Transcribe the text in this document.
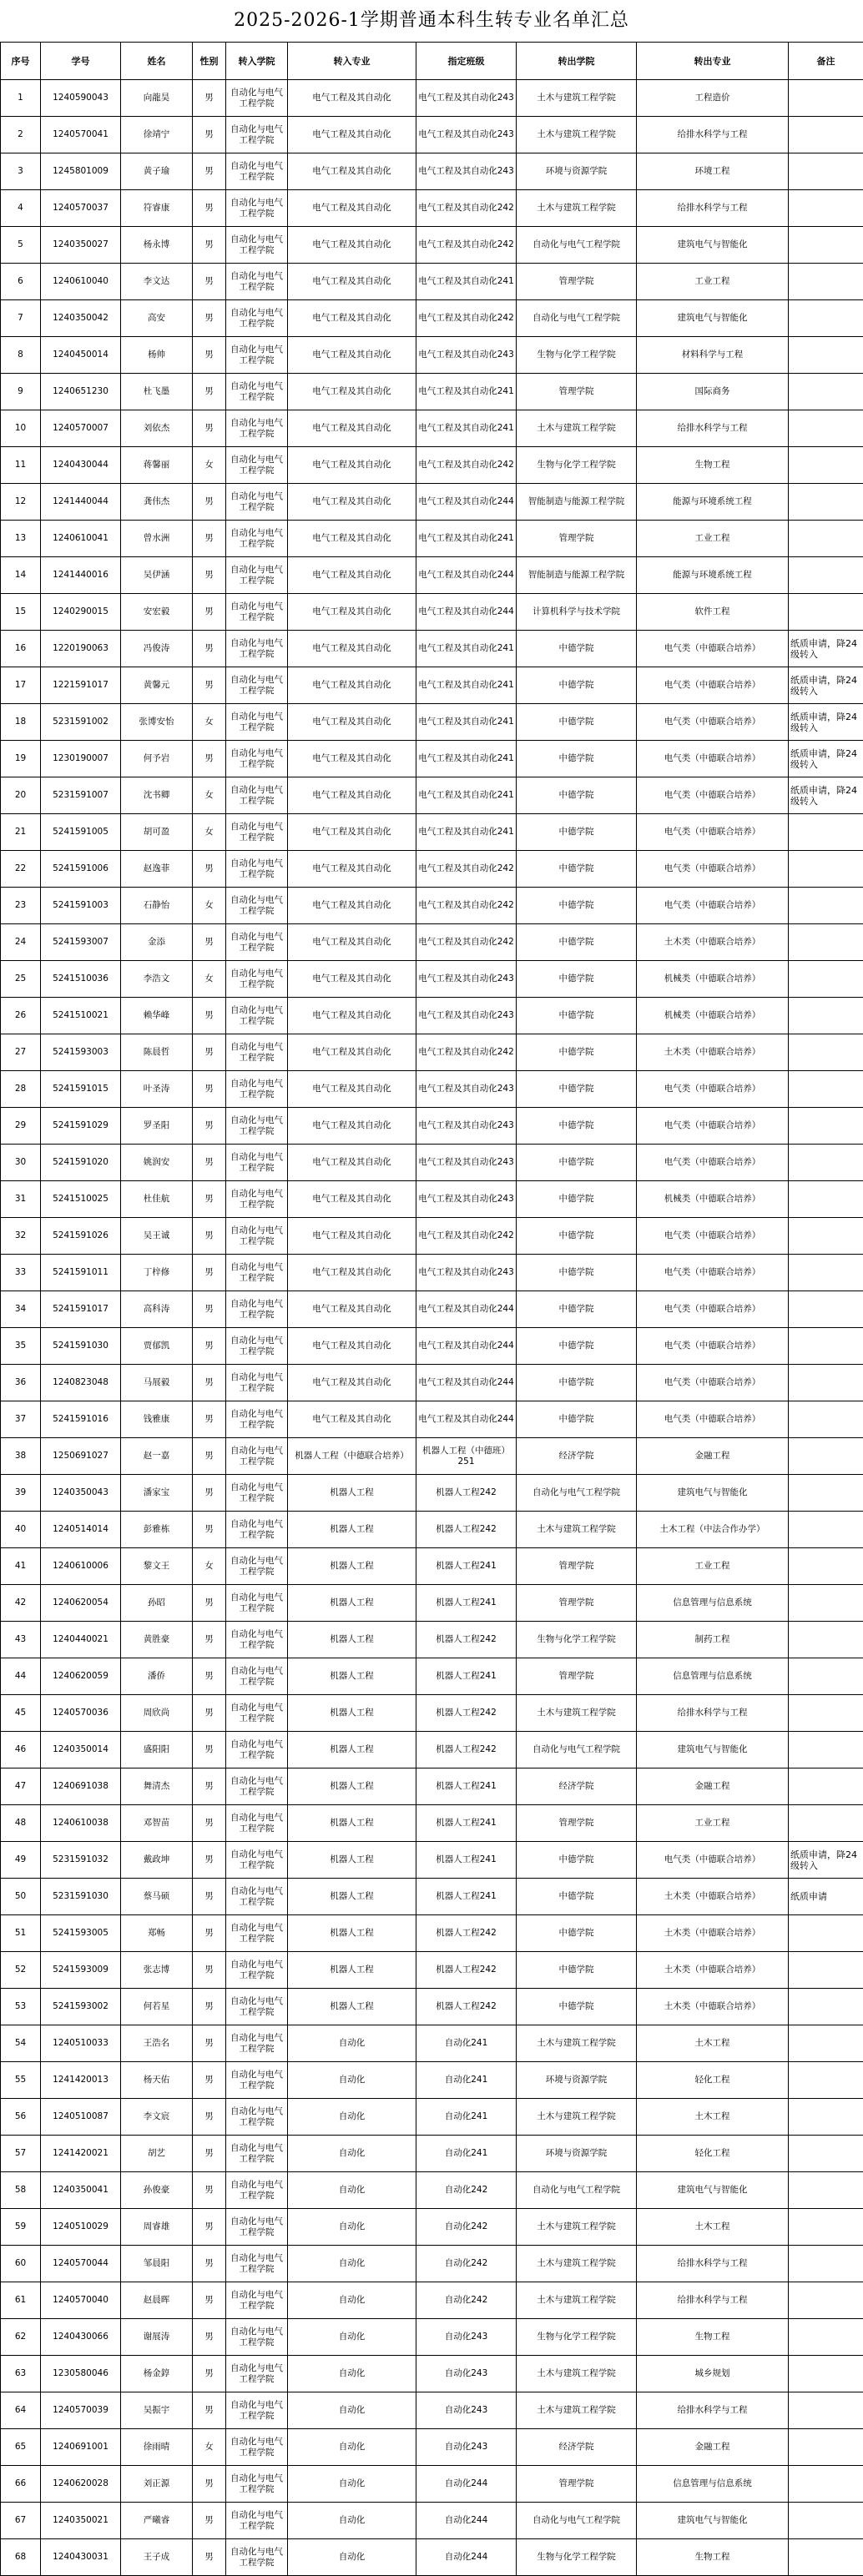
2025-2026-1学期普通本科生转专业名单汇总
序号	学号	姓名	性别	转入学院	转入专业	指定班级	转出学院	转出专业	备注
1	1240590043	向龍昊	男	自动化与电气工程学院	电气工程及其自动化	电气工程及其自动化243	土木与建筑工程学院	工程造价	
2	1240570041	徐靖宁	男	自动化与电气工程学院	电气工程及其自动化	电气工程及其自动化243	土木与建筑工程学院	给排水科学与工程	
3	1245801009	黄子瑜	男	自动化与电气工程学院	电气工程及其自动化	电气工程及其自动化243	环境与资源学院	环境工程	
4	1240570037	符睿康	男	自动化与电气工程学院	电气工程及其自动化	电气工程及其自动化242	土木与建筑工程学院	给排水科学与工程	
5	1240350027	杨永博	男	自动化与电气工程学院	电气工程及其自动化	电气工程及其自动化242	自动化与电气工程学院	建筑电气与智能化	
6	1240610040	李文达	男	自动化与电气工程学院	电气工程及其自动化	电气工程及其自动化241	管理学院	工业工程	
7	1240350042	高安	男	自动化与电气工程学院	电气工程及其自动化	电气工程及其自动化242	自动化与电气工程学院	建筑电气与智能化	
8	1240450014	杨帅	男	自动化与电气工程学院	电气工程及其自动化	电气工程及其自动化243	生物与化学工程学院	材料科学与工程	
9	1240651230	杜飞墨	男	自动化与电气工程学院	电气工程及其自动化	电气工程及其自动化241	管理学院	国际商务	
10	1240570007	刘依杰	男	自动化与电气工程学院	电气工程及其自动化	电气工程及其自动化241	土木与建筑工程学院	给排水科学与工程	
11	1240430044	蒋馨丽	女	自动化与电气工程学院	电气工程及其自动化	电气工程及其自动化242	生物与化学工程学院	生物工程	
12	1241440044	龚伟杰	男	自动化与电气工程学院	电气工程及其自动化	电气工程及其自动化244	智能制造与能源工程学院	能源与环境系统工程	
13	1240610041	曾水洲	男	自动化与电气工程学院	电气工程及其自动化	电气工程及其自动化241	管理学院	工业工程	
14	1241440016	吴伊涵	男	自动化与电气工程学院	电气工程及其自动化	电气工程及其自动化244	智能制造与能源工程学院	能源与环境系统工程	
15	1240290015	安宏毅	男	自动化与电气工程学院	电气工程及其自动化	电气工程及其自动化244	计算机科学与技术学院	软件工程	
16	1220190063	冯俊涛	男	自动化与电气工程学院	电气工程及其自动化	电气工程及其自动化241	中德学院	电气类（中德联合培养）	纸质申请，降24级转入
17	1221591017	黄馨元	男	自动化与电气工程学院	电气工程及其自动化	电气工程及其自动化241	中德学院	电气类（中德联合培养）	纸质申请，降24级转入
18	5231591002	张博安怡	女	自动化与电气工程学院	电气工程及其自动化	电气工程及其自动化241	中德学院	电气类（中德联合培养）	纸质申请，降24级转入
19	1230190007	何予岩	男	自动化与电气工程学院	电气工程及其自动化	电气工程及其自动化241	中德学院	电气类（中德联合培养）	纸质申请，降24级转入
20	5231591007	沈书卿	女	自动化与电气工程学院	电气工程及其自动化	电气工程及其自动化241	中德学院	电气类（中德联合培养）	纸质申请，降24级转入
21	5241591005	胡可盈	女	自动化与电气工程学院	电气工程及其自动化	电气工程及其自动化241	中德学院	电气类（中德联合培养）	
22	5241591006	赵逸菲	男	自动化与电气工程学院	电气工程及其自动化	电气工程及其自动化242	中德学院	电气类（中德联合培养）	
23	5241591003	石静怡	女	自动化与电气工程学院	电气工程及其自动化	电气工程及其自动化242	中德学院	电气类（中德联合培养）	
24	5241593007	金添	男	自动化与电气工程学院	电气工程及其自动化	电气工程及其自动化242	中德学院	土木类（中德联合培养）	
25	5241510036	李浩文	女	自动化与电气工程学院	电气工程及其自动化	电气工程及其自动化243	中德学院	机械类（中德联合培养）	
26	5241510021	赖华峰	男	自动化与电气工程学院	电气工程及其自动化	电气工程及其自动化243	中德学院	机械类（中德联合培养）	
27	5241593003	陈晨哲	男	自动化与电气工程学院	电气工程及其自动化	电气工程及其自动化242	中德学院	土木类（中德联合培养）	
28	5241591015	叶圣涛	男	自动化与电气工程学院	电气工程及其自动化	电气工程及其自动化243	中德学院	电气类（中德联合培养）	
29	5241591029	罗圣阳	男	自动化与电气工程学院	电气工程及其自动化	电气工程及其自动化243	中德学院	电气类（中德联合培养）	
30	5241591020	姚润安	男	自动化与电气工程学院	电气工程及其自动化	电气工程及其自动化243	中德学院	电气类（中德联合培养）	
31	5241510025	杜佳航	男	自动化与电气工程学院	电气工程及其自动化	电气工程及其自动化243	中德学院	机械类（中德联合培养）	
32	5241591026	吴王诚	男	自动化与电气工程学院	电气工程及其自动化	电气工程及其自动化242	中德学院	电气类（中德联合培养）	
33	5241591011	丁梓修	男	自动化与电气工程学院	电气工程及其自动化	电气工程及其自动化243	中德学院	电气类（中德联合培养）	
34	5241591017	高科涛	男	自动化与电气工程学院	电气工程及其自动化	电气工程及其自动化244	中德学院	电气类（中德联合培养）	
35	5241591030	贾郁凯	男	自动化与电气工程学院	电气工程及其自动化	电气工程及其自动化244	中德学院	电气类（中德联合培养）	
36	1240823048	马展毅	男	自动化与电气工程学院	电气工程及其自动化	电气工程及其自动化244	中德学院	电气类（中德联合培养）	
37	5241591016	钱雅康	男	自动化与电气工程学院	电气工程及其自动化	电气工程及其自动化244	中德学院	电气类（中德联合培养）	
38	1250691027	赵一嘉	男	自动化与电气工程学院	机器人工程（中德联合培养）	机器人工程（中德班）251	经济学院	金融工程	
39	1240350043	潘家宝	男	自动化与电气工程学院	机器人工程	机器人工程242	自动化与电气工程学院	建筑电气与智能化	
40	1240514014	彭雅栋	男	自动化与电气工程学院	机器人工程	机器人工程242	土木与建筑工程学院	土木工程（中法合作办学）	
41	1240610006	黎文王	女	自动化与电气工程学院	机器人工程	机器人工程241	管理学院	工业工程	
42	1240620054	孙昭	男	自动化与电气工程学院	机器人工程	机器人工程241	管理学院	信息管理与信息系统	
43	1240440021	黄胜豪	男	自动化与电气工程学院	机器人工程	机器人工程242	生物与化学工程学院	制药工程	
44	1240620059	潘侨	男	自动化与电气工程学院	机器人工程	机器人工程241	管理学院	信息管理与信息系统	
45	1240570036	周欣尚	男	自动化与电气工程学院	机器人工程	机器人工程242	土木与建筑工程学院	给排水科学与工程	
46	1240350014	盛阳阳	男	自动化与电气工程学院	机器人工程	机器人工程242	自动化与电气工程学院	建筑电气与智能化	
47	1240691038	舞清杰	男	自动化与电气工程学院	机器人工程	机器人工程241	经济学院	金融工程	
48	1240610038	邓智苗	男	自动化与电气工程学院	机器人工程	机器人工程241	管理学院	工业工程	
49	5231591032	戴政坤	男	自动化与电气工程学院	机器人工程	机器人工程241	中德学院	电气类（中德联合培养）	纸质申请，降24级转入
50	5231591030	蔡马硕	男	自动化与电气工程学院	机器人工程	机器人工程241	中德学院	土木类（中德联合培养）	纸质申请
51	5241593005	郑畅	男	自动化与电气工程学院	机器人工程	机器人工程242	中德学院	土木类（中德联合培养）	
52	5241593009	张志博	男	自动化与电气工程学院	机器人工程	机器人工程242	中德学院	土木类（中德联合培养）	
53	5241593002	何若星	男	自动化与电气工程学院	机器人工程	机器人工程242	中德学院	土木类（中德联合培养）	
54	1240510033	王浩名	男	自动化与电气工程学院	自动化	自动化241	土木与建筑工程学院	土木工程	
55	1241420013	杨天佑	男	自动化与电气工程学院	自动化	自动化241	环境与资源学院	轻化工程	
56	1240510087	李文宸	男	自动化与电气工程学院	自动化	自动化241	土木与建筑工程学院	土木工程	
57	1241420021	胡艺	男	自动化与电气工程学院	自动化	自动化241	环境与资源学院	轻化工程	
58	1240350041	孙俊豪	男	自动化与电气工程学院	自动化	自动化242	自动化与电气工程学院	建筑电气与智能化	
59	1240510029	周睿雄	男	自动化与电气工程学院	自动化	自动化242	土木与建筑工程学院	土木工程	
60	1240570044	邹晨阳	男	自动化与电气工程学院	自动化	自动化242	土木与建筑工程学院	给排水科学与工程	
61	1240570040	赵晨晖	男	自动化与电气工程学院	自动化	自动化242	土木与建筑工程学院	给排水科学与工程	
62	1240430066	谢展涛	男	自动化与电气工程学院	自动化	自动化243	生物与化学工程学院	生物工程	
63	1230580046	杨金錞	男	自动化与电气工程学院	自动化	自动化243	土木与建筑工程学院	城乡规划	
64	1240570039	吴振宇	男	自动化与电气工程学院	自动化	自动化243	土木与建筑工程学院	给排水科学与工程	
65	1240691001	徐雨晴	女	自动化与电气工程学院	自动化	自动化243	经济学院	金融工程	
66	1240620028	刘正源	男	自动化与电气工程学院	自动化	自动化244	管理学院	信息管理与信息系统	
67	1240350021	严曦睿	男	自动化与电气工程学院	自动化	自动化244	自动化与电气工程学院	建筑电气与智能化	
68	1240430031	王子成	男	自动化与电气工程学院	自动化	自动化244	生物与化学工程学院	生物工程	
